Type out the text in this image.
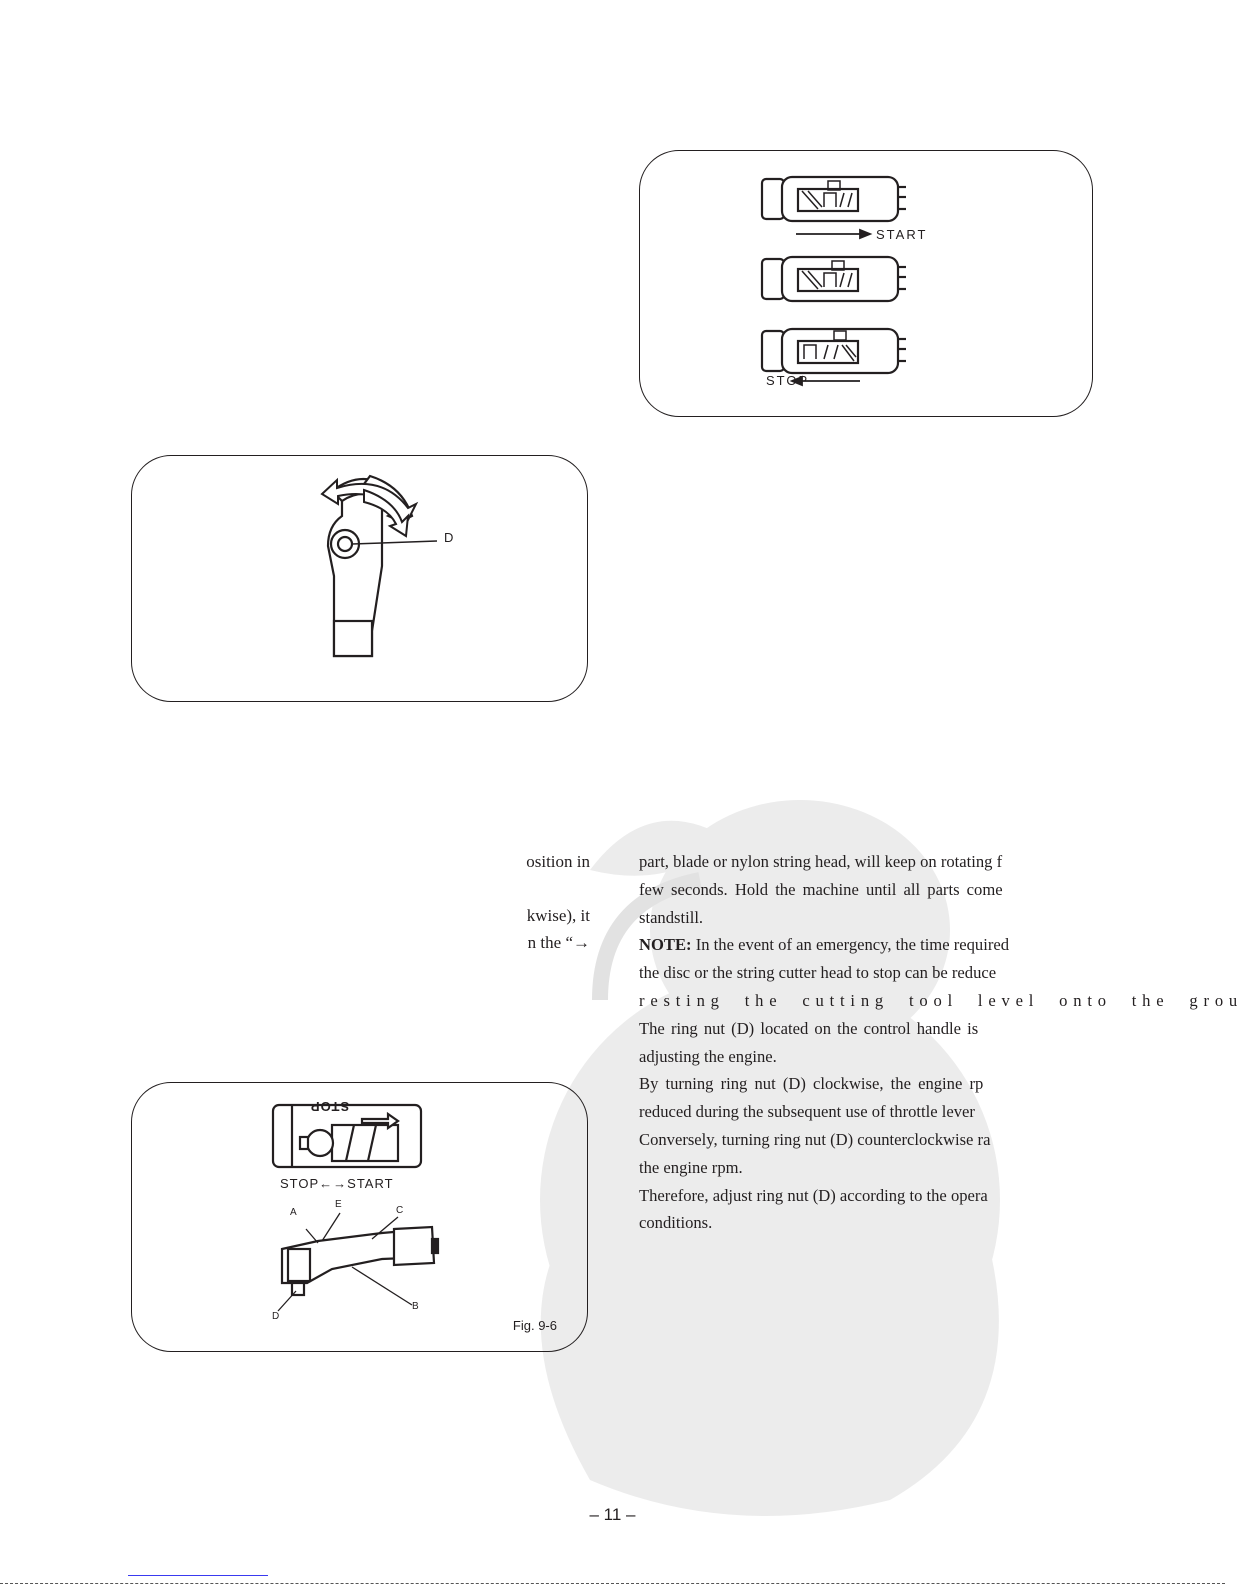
START
STOP
D
osition in
kwise), it
n the “→

part, blade or nylon string head, will keep on rotating f

few seconds. Hold the machine until all parts come

standstill.

NOTE: In the event of an emergency, the time required

the disc or the string cutter head to stop can be reduce

resting the cutting tool level onto the grou

The ring nut (D) located on the control handle is

adjusting the engine.

By turning ring nut (D) clockwise, the engine rp

reduced during the subsequent use of throttle lever

Conversely, turning ring nut (D) counterclockwise ra

the engine rpm.

Therefore, adjust ring nut (D) according to the opera

conditions.

STOP
STOP←→START
A
E
C
B
D
Fig. 9-6
– 11 –
